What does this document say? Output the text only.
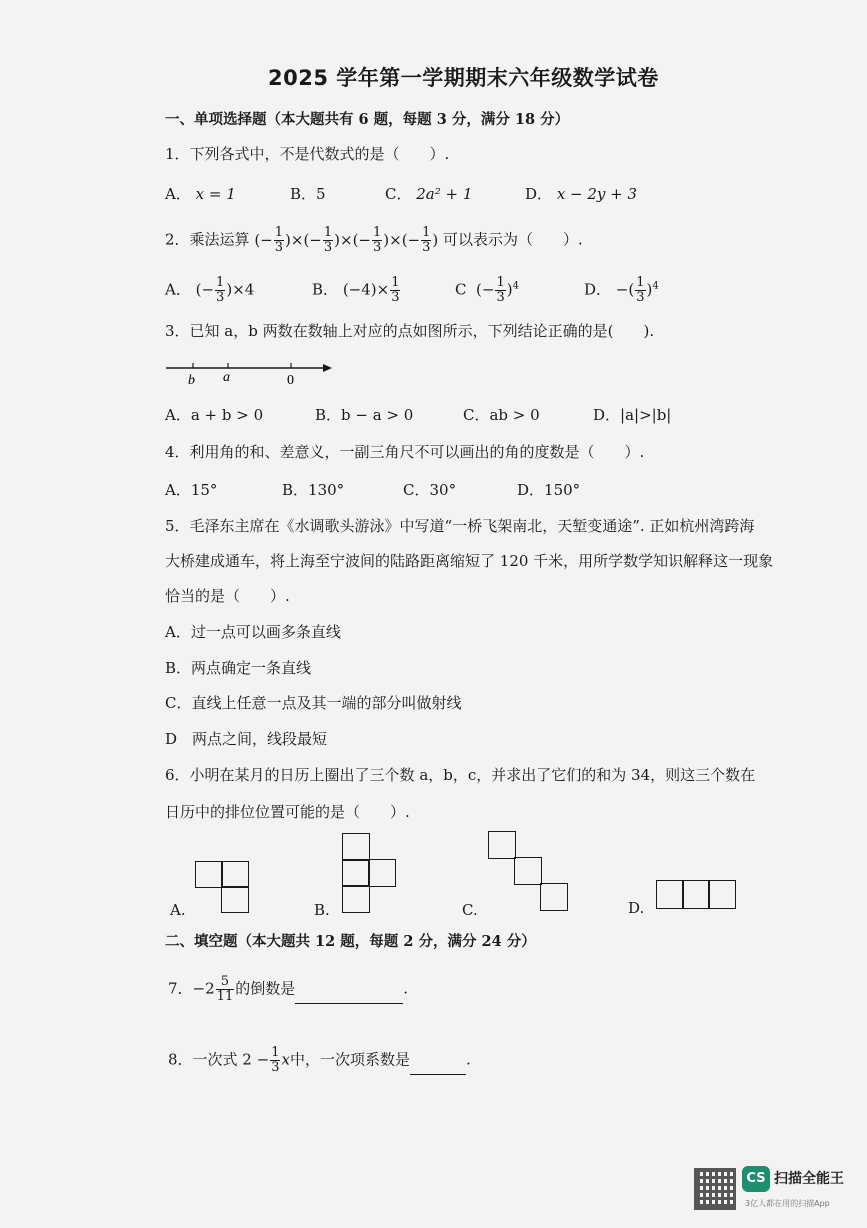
2025 学年第一学期期末六年级数学试卷
一、单项选择题（本大题共有 6 题，每题 3 分，满分 18 分）
1．下列各式中，不是代数式的是（　　）.
A． x = 1	B．5	C． 2a² + 1	D． x − 2y + 3
2．乘法运算 (− $\frac{1}{3}$ )×(− $\frac{1}{3}$ )×(− $\frac{1}{3}$ )×(− $\frac{1}{3}$ ) 可以表示为（　　）.
A． (− $\frac{1}{3} )\times 4$	B． $(-4)\times \frac{1}{3}$	C  (− $\frac{1}{3} )^4$	D． −( $\frac{1}{3} )^4$
3．已知 a，b 两数在数轴上对应的点如图所示，下列结论正确的是(　　).
b a	0
A．a + b > 0	B．b − a > 0	C．ab > 0	D．|a|>|b|
4．利用角的和、差意义，一副三角尺不可以画出的角的度数是（　　）.
A．15°	B．130°	C．30°	D．150°
5．毛泽东主席在《水调歌头游泳》中写道“一桥飞架南北，天堑变通途”. 正如杭州湾跨海
大桥建成通车，将上海至宁波间的陆路距离缩短了 120 千米，用所学数学知识解释这一现象
恰当的是（　　）.
A．过一点可以画多条直线
B．两点确定一条直线
C．直线上任意一点及其一端的部分叫做射线
D　两点之间，线段最短
6．小明在某月的日历上圈出了三个数 a，b，c，并求出了它们的和为 34，则这三个数在
日历中的排位位置可能的是（　　）.
A.	B.	C.	D.
二、填空题（本大题共 12 题，每题 2 分，满分 24 分）
7．$-2 \frac{5}{11}$ 的倒数是	.
8．一次式 $2 - \frac{1}{3}$ x中，一次项系数是	.
CS 扫描全能王
3亿人都在用的扫描App
